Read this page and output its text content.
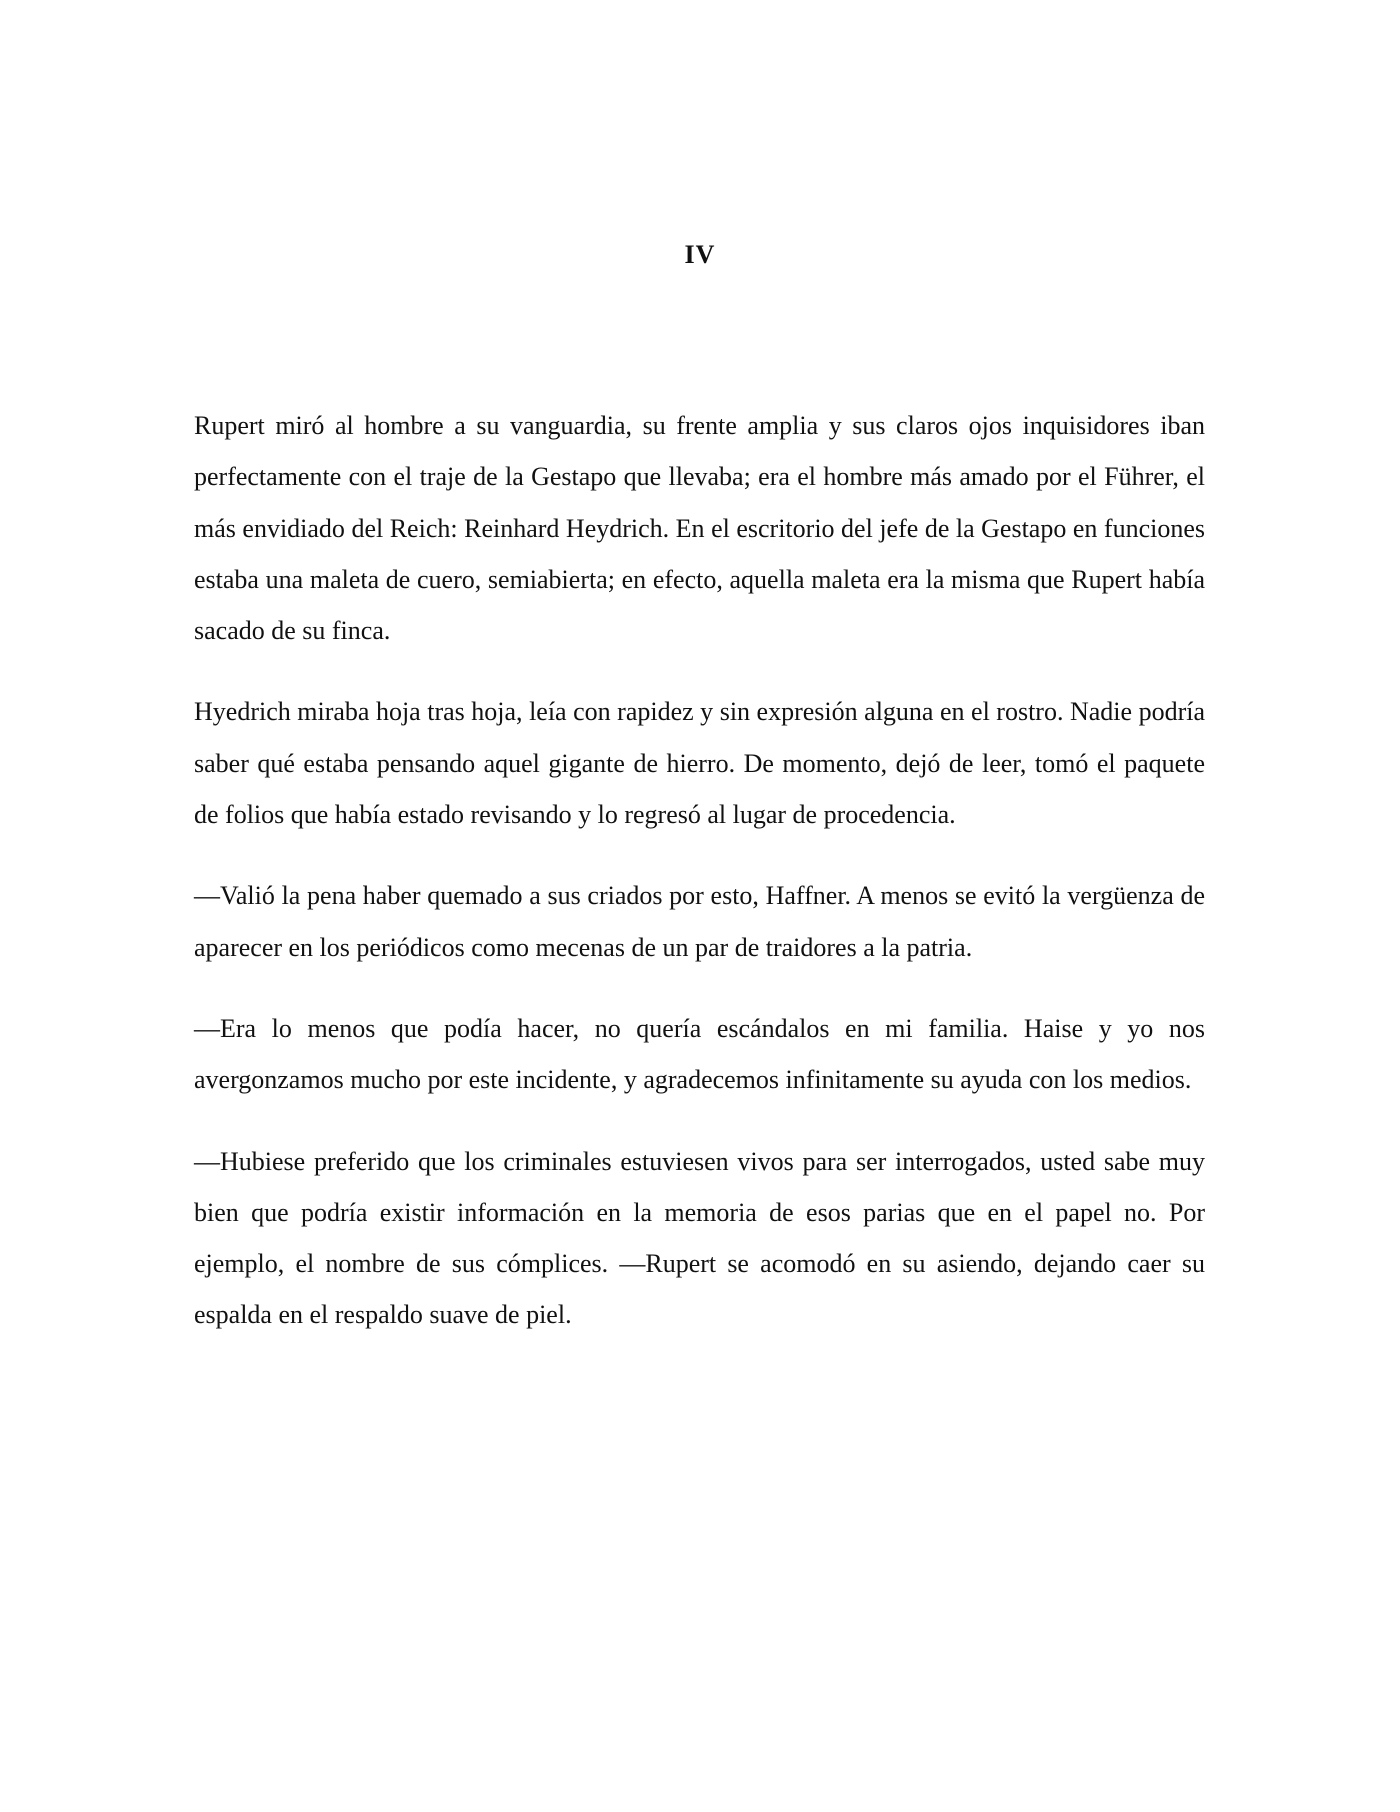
IV

Rupert miró al hombre a su vanguardia, su frente amplia y sus claros ojos inquisidores iban perfectamente con el traje de la Gestapo que llevaba; era el hombre más amado por el Führer, el más envidiado del Reich: Reinhard Heydrich. En el escritorio del jefe de la Gestapo en funciones estaba una maleta de cuero, semiabierta; en efecto, aquella maleta era la misma que Rupert había sacado de su finca.

Hyedrich miraba hoja tras hoja, leía con rapidez y sin expresión alguna en el rostro. Nadie podría saber qué estaba pensando aquel gigante de hierro. De momento, dejó de leer, tomó el paquete de folios que había estado revisando y lo regresó al lugar de procedencia.

—Valió la pena haber quemado a sus criados por esto, Haffner. A menos se evitó la vergüenza de aparecer en los periódicos como mecenas de un par de traidores a la patria.

—Era lo menos que podía hacer, no quería escándalos en mi familia. Haise y yo nos avergonzamos mucho por este incidente, y agradecemos infinitamente su ayuda con los medios.

—Hubiese preferido que los criminales estuviesen vivos para ser interrogados, usted sabe muy bien que podría existir información en la memoria de esos parias que en el papel no. Por ejemplo, el nombre de sus cómplices. —Rupert se acomodó en su asiendo, dejando caer su espalda en el respaldo suave de piel.
